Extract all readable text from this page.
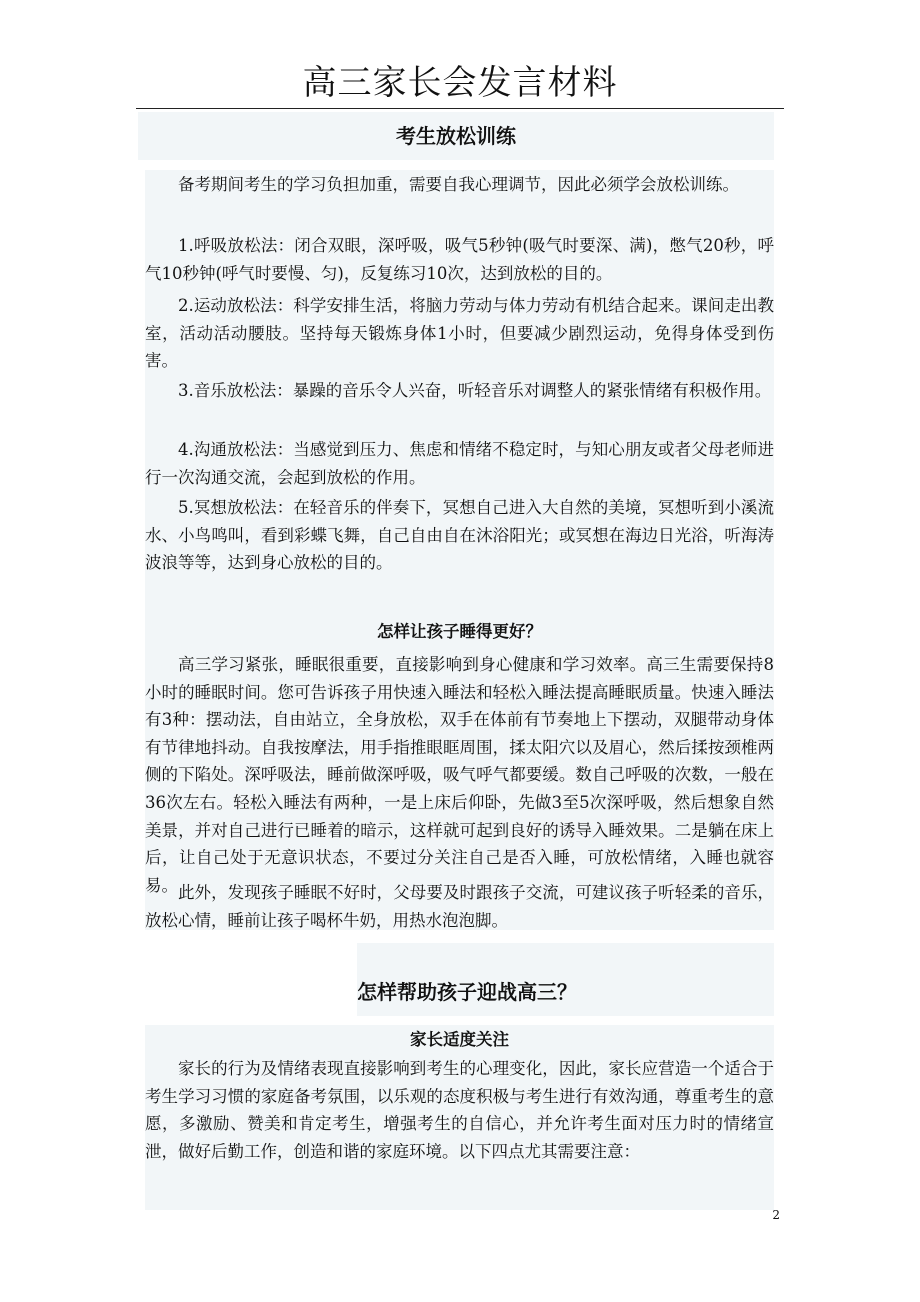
高三家长会发言材料
考生放松训练

备考期间考生的学习负担加重，需要自我心理调节，因此必须学会放松训练。

1.呼吸放松法：闭合双眼，深呼吸，吸气5秒钟(吸气时要深、满)，憋气20秒，呼气10秒钟(呼气时要慢、匀)，反复练习10次，达到放松的目的。

2.运动放松法：科学安排生活，将脑力劳动与体力劳动有机结合起来。课间走出教室，活动活动腰肢。坚持每天锻炼身体1小时，但要减少剧烈运动，免得身体受到伤害。

3.音乐放松法：暴躁的音乐令人兴奋，听轻音乐对调整人的紧张情绪有积极作用。

4.沟通放松法：当感觉到压力、焦虑和情绪不稳定时，与知心朋友或者父母老师进行一次沟通交流，会起到放松的作用。

5.冥想放松法：在轻音乐的伴奏下，冥想自己进入大自然的美境，冥想听到小溪流水、小鸟鸣叫，看到彩蝶飞舞，自己自由自在沐浴阳光；或冥想在海边日光浴，听海涛波浪等等，达到身心放松的目的。

怎样让孩子睡得更好？

高三学习紧张，睡眠很重要，直接影响到身心健康和学习效率。高三生需要保持8小时的睡眠时间。您可告诉孩子用快速入睡法和轻松入睡法提高睡眠质量。快速入睡法有3种：摆动法，自由站立，全身放松，双手在体前有节奏地上下摆动，双腿带动身体有节律地抖动。自我按摩法，用手指推眼眶周围，揉太阳穴以及眉心，然后揉按颈椎两侧的下陷处。深呼吸法，睡前做深呼吸，吸气呼气都要缓。数自己呼吸的次数，一般在36次左右。轻松入睡法有两种，一是上床后仰卧，先做3至5次深呼吸，然后想象自然美景，并对自己进行已睡着的暗示，这样就可起到良好的诱导入睡效果。二是躺在床上后，让自己处于无意识状态，不要过分关注自己是否入睡，可放松情绪，入睡也就容易。 此外，发现孩子睡眠不好时，父母要及时跟孩子交流，可建议孩子听轻柔的音乐，放松心情，睡前让孩子喝杯牛奶，用热水泡泡脚。

怎样帮助孩子迎战高三？
家长适度关注

家长的行为及情绪表现直接影响到考生的心理变化，因此，家长应营造一个适合于考生学习习惯的家庭备考氛围，以乐观的态度积极与考生进行有效沟通，尊重考生的意愿，多激励、赞美和肯定考生，增强考生的自信心，并允许考生面对压力时的情绪宣泄，做好后勤工作，创造和谐的家庭环境。以下四点尤其需要注意：

2
